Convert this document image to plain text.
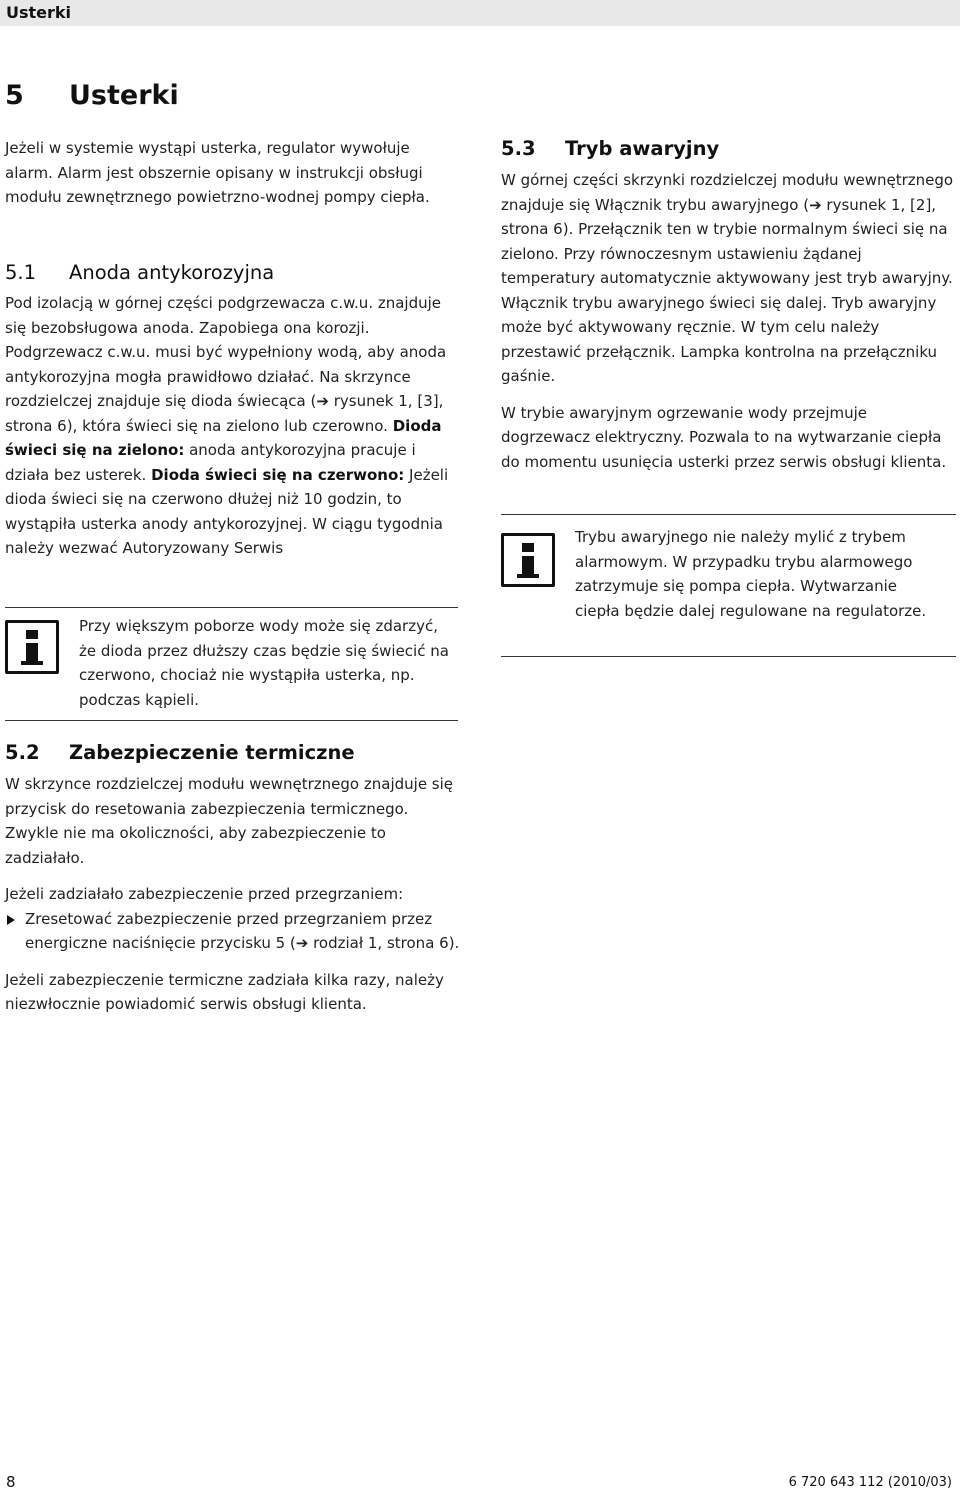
Usterki
5 Usterki

Jeżeli w systemie wystąpi usterka, regulator wywołuje alarm. Alarm jest obszernie opisany w instrukcji obsługi modułu zewnętrznego powietrzno-wodnej pompy ciepła.

5.1 Anoda antykorozyjna

Pod izolacją w górnej części podgrzewacza c.w.u. znajduje się bezobsługowa anoda. Zapobiega ona korozji. Podgrzewacz c.w.u. musi być wypełniony wodą, aby anoda antykorozyjna mogła prawidłowo działać. Na skrzynce rozdzielczej znajduje się dioda świecąca (➔ rysunek 1, [3], strona 6), która świeci się na zielono lub czerowno. Dioda świeci się na zielono: anoda antykorozyjna pracuje i działa bez usterek. Dioda świeci się na czerwono: Jeżeli dioda świeci się na czerwono dłużej niż 10 godzin, to wystąpiła usterka anody antykorozyjnej. W ciągu tygodnia należy wezwać Autoryzowany Serwis

Przy większym poborze wody może się zdarzyć, że dioda przez dłuższy czas będzie się świecić na czerwono, chociaż nie wystąpiła usterka, np. podczas kąpieli.

5.2 Zabezpieczenie termiczne

W skrzynce rozdzielczej modułu wewnętrznego znajduje się przycisk do resetowania zabezpieczenia termicznego. Zwykle nie ma okoliczności, aby zabezpieczenie to zadziałało.

Jeżeli zadziałało zabezpieczenie przed przegrzaniem:

Zresetować zabezpieczenie przed przegrzaniem przez energiczne naciśnięcie przycisku 5 (➔ rodział 1, strona 6).

Jeżeli zabezpieczenie termiczne zadziała kilka razy, należy niezwłocznie powiadomić serwis obsługi klienta.

5.3 Tryb awaryjny

W górnej części skrzynki rozdzielczej modułu wewnętrznego znajduje się Włącznik trybu awaryjnego (➔ rysunek 1, [2], strona 6). Przełącznik ten w trybie normalnym świeci się na zielono. Przy równoczesnym ustawieniu żądanej temperatury automatycznie aktywowany jest tryb awaryjny. Włącznik trybu awaryjnego świeci się dalej. Tryb awaryjny może być aktywowany ręcznie. W tym celu należy przestawić przełącznik. Lampka kontrolna na przełączniku gaśnie.

W trybie awaryjnym ogrzewanie wody przejmuje dogrzewacz elektryczny. Pozwala to na wytwarzanie ciepła do momentu usunięcia usterki przez serwis obsługi klienta.

Trybu awaryjnego nie należy mylić z trybem alarmowym. W przypadku trybu alarmowego zatrzymuje się pompa ciepła. Wytwarzanie ciepła będzie dalej regulowane na regulatorze.

8	6 720 643 112 (2010/03)
